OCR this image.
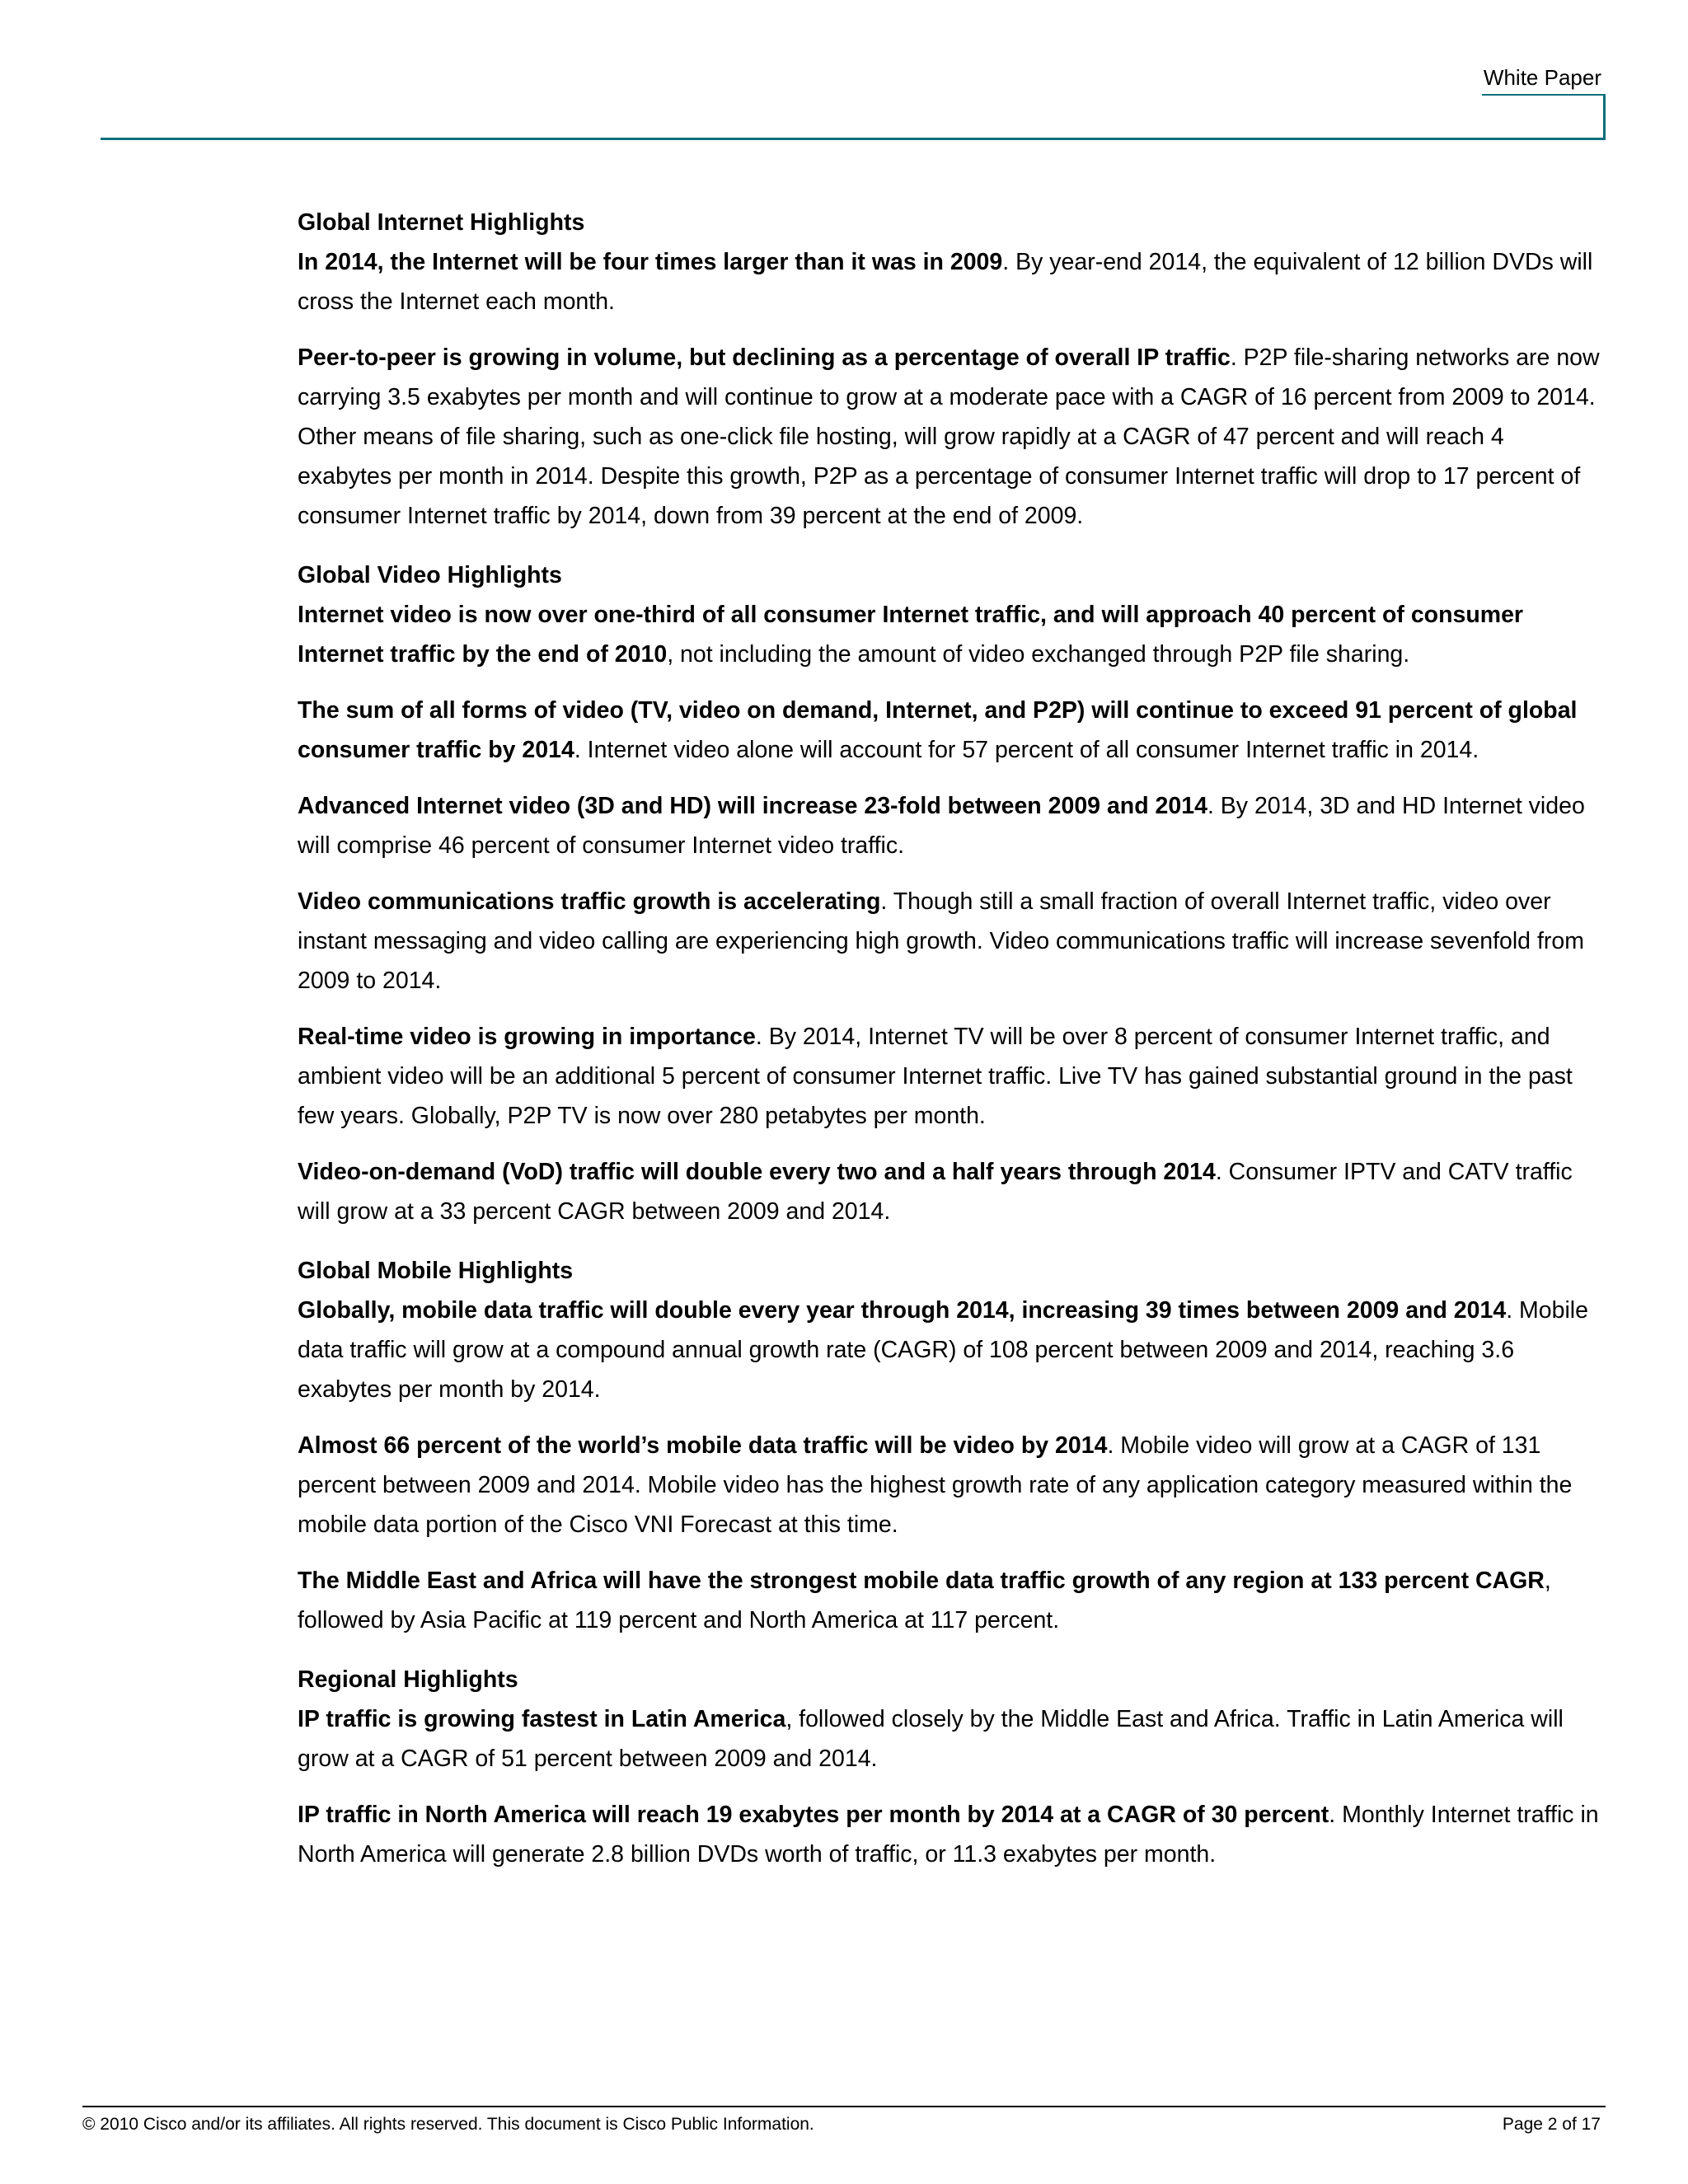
White Paper
Global Internet Highlights

In 2014, the Internet will be four times larger than it was in 2009. By year-end 2014, the equivalent of 12 billion DVDs will cross the Internet each month.

Peer-to-peer is growing in volume, but declining as a percentage of overall IP traffic. P2P file-sharing networks are now carrying 3.5 exabytes per month and will continue to grow at a moderate pace with a CAGR of 16 percent from 2009 to 2014. Other means of file sharing, such as one-click file hosting, will grow rapidly at a CAGR of 47 percent and will reach 4 exabytes per month in 2014. Despite this growth, P2P as a percentage of consumer Internet traffic will drop to 17 percent of consumer Internet traffic by 2014, down from 39 percent at the end of 2009.

Global Video Highlights

Internet video is now over one-third of all consumer Internet traffic, and will approach 40 percent of consumer Internet traffic by the end of 2010, not including the amount of video exchanged through P2P file sharing.

The sum of all forms of video (TV, video on demand, Internet, and P2P) will continue to exceed 91 percent of global consumer traffic by 2014. Internet video alone will account for 57 percent of all consumer Internet traffic in 2014.

Advanced Internet video (3D and HD) will increase 23-fold between 2009 and 2014. By 2014, 3D and HD Internet video will comprise 46 percent of consumer Internet video traffic.

Video communications traffic growth is accelerating. Though still a small fraction of overall Internet traffic, video over instant messaging and video calling are experiencing high growth. Video communications traffic will increase sevenfold from 2009 to 2014.

Real-time video is growing in importance. By 2014, Internet TV will be over 8 percent of consumer Internet traffic, and ambient video will be an additional 5 percent of consumer Internet traffic. Live TV has gained substantial ground in the past few years. Globally, P2P TV is now over 280 petabytes per month.

Video-on-demand (VoD) traffic will double every two and a half years through 2014. Consumer IPTV and CATV traffic will grow at a 33 percent CAGR between 2009 and 2014.

Global Mobile Highlights

Globally, mobile data traffic will double every year through 2014, increasing 39 times between 2009 and 2014. Mobile data traffic will grow at a compound annual growth rate (CAGR) of 108 percent between 2009 and 2014, reaching 3.6 exabytes per month by 2014.

Almost 66 percent of the world’s mobile data traffic will be video by 2014. Mobile video will grow at a CAGR of 131 percent between 2009 and 2014. Mobile video has the highest growth rate of any application category measured within the mobile data portion of the Cisco VNI Forecast at this time.

The Middle East and Africa will have the strongest mobile data traffic growth of any region at 133 percent CAGR, followed by Asia Pacific at 119 percent and North America at 117 percent.

Regional Highlights

IP traffic is growing fastest in Latin America, followed closely by the Middle East and Africa. Traffic in Latin America will grow at a CAGR of 51 percent between 2009 and 2014.

IP traffic in North America will reach 19 exabytes per month by 2014 at a CAGR of 30 percent. Monthly Internet traffic in North America will generate 2.8 billion DVDs worth of traffic, or 11.3 exabytes per month.

© 2010 Cisco and/or its affiliates. All rights reserved. This document is Cisco Public Information.	Page 2 of 17
